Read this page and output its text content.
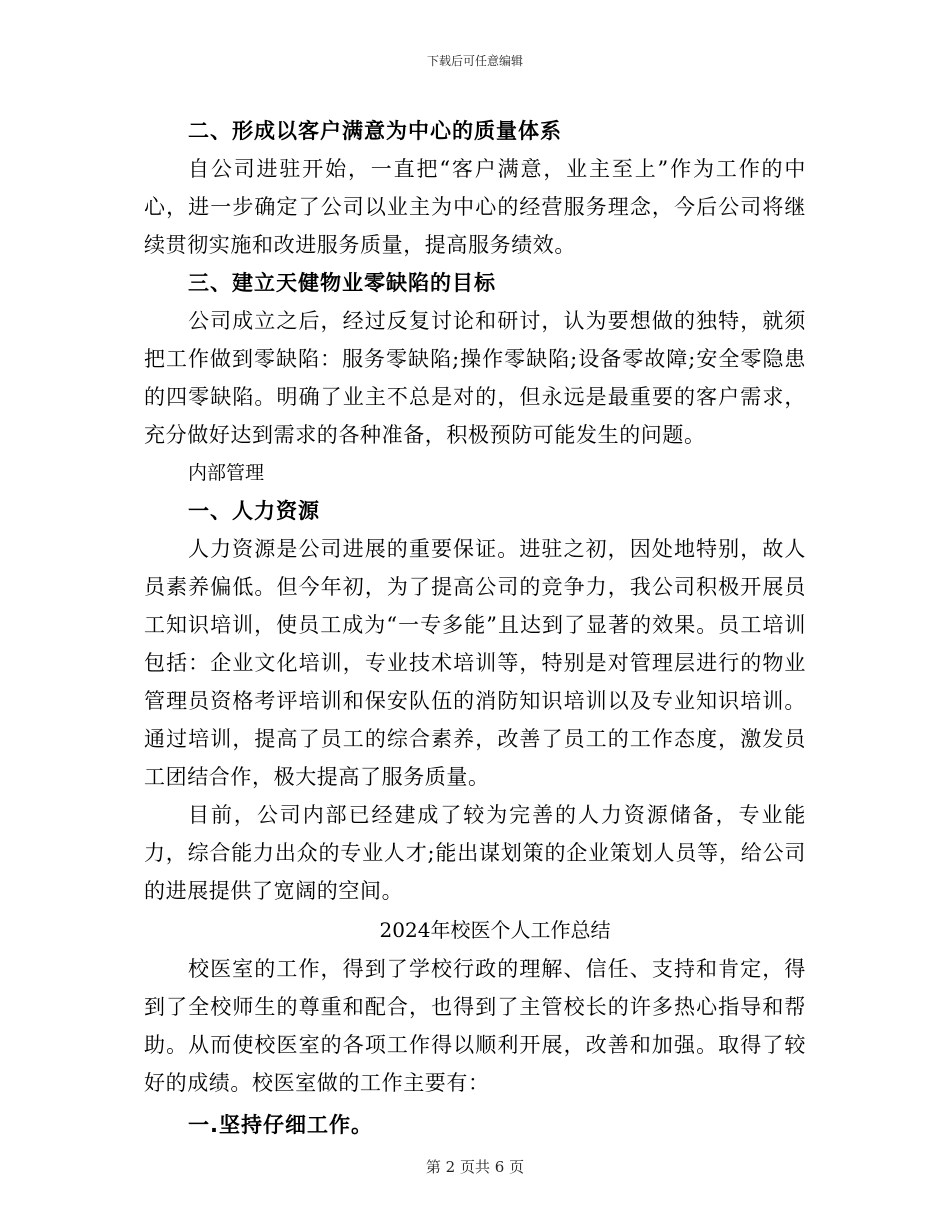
下载后可任意编辑
二、形成以客户满意为中心的质量体系
自公司进驻开始，一直把“客户满意，业主至上”作为工作的中心，进一步确定了公司以业主为中心的经营服务理念，今后公司将继续贯彻实施和改进服务质量，提高服务绩效。
三、建立天健物业零缺陷的目标
公司成立之后，经过反复讨论和研讨，认为要想做的独特，就须把工作做到零缺陷：服务零缺陷;操作零缺陷;设备零故障;安全零隐患的四零缺陷。明确了业主不总是对的，但永远是最重要的客户需求，充分做好达到需求的各种准备，积极预防可能发生的问题。
内部管理
一、人力资源
人力资源是公司进展的重要保证。进驻之初，因处地特别，故人员素养偏低。但今年初，为了提高公司的竞争力，我公司积极开展员工知识培训，使员工成为“一专多能”且达到了显著的效果。员工培训包括：企业文化培训，专业技术培训等，特别是对管理层进行的物业管理员资格考评培训和保安队伍的消防知识培训以及专业知识培训。通过培训，提高了员工的综合素养，改善了员工的工作态度，激发员工团结合作，极大提高了服务质量。
目前，公司内部已经建成了较为完善的人力资源储备，专业能力，综合能力出众的专业人才;能出谋划策的企业策划人员等，给公司的进展提供了宽阔的空间。
2024年校医个人工作总结
校医室的工作，得到了学校行政的理解、信任、支持和肯定，得到了全校师生的尊重和配合，也得到了主管校长的许多热心指导和帮助。从而使校医室的各项工作得以顺利开展，改善和加强。取得了较好的成绩。校医室做的工作主要有：
一.坚持仔细工作。
第 2 页共 6 页
